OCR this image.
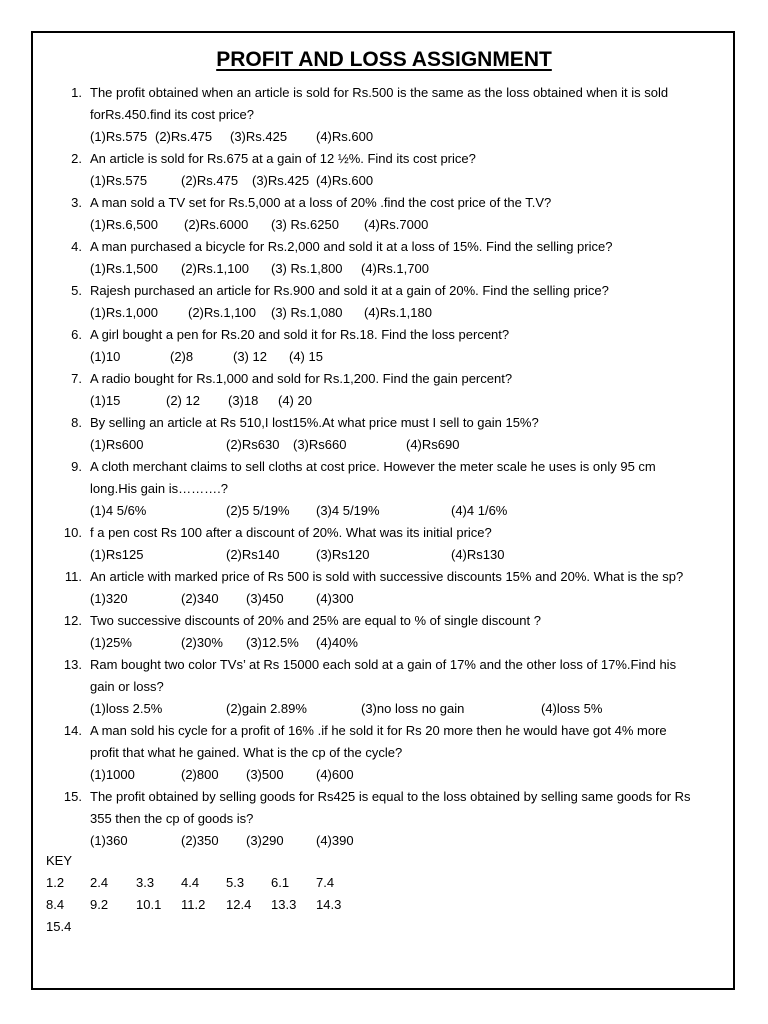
PROFIT AND LOSS ASSIGNMENT
1. The profit obtained when an article is sold for Rs.500 is the same as the loss obtained when it is sold
forRs.450.find its cost price?
(1)Rs.575 (2)Rs.475 (3)Rs.425 (4)Rs.600
2. An article is sold for Rs.675 at a gain of 12 ½%. Find its cost price?
(1)Rs.575	(2)Rs.475 (3)Rs.425 (4)Rs.600
3. A man sold a TV set for Rs.5,000 at a loss of 20% .find the cost price of the T.V?
(1)Rs.6,500 (2)Rs.6000 (3) Rs.6250 (4)Rs.7000
4. A man purchased a bicycle for Rs.2,000 and sold it at a loss of 15%. Find the selling price?
(1)Rs.1,500 (2)Rs.1,100 (3) Rs.1,800 (4)Rs.1,700
5. Rajesh purchased an article for Rs.900 and sold it at a gain of 20%. Find the selling price?
(1)Rs.1,000 (2)Rs.1,100 (3) Rs.1,080 (4)Rs.1,180
6. A girl bought a pen for Rs.20 and sold it for Rs.18. Find the loss percent?
(1)10	(2)8	(3) 12 (4) 15
7. A radio bought for Rs.1,000 and sold for Rs.1,200. Find the gain percent?
(1)15	(2) 12 (3)18 (4) 20
8. By selling an article at Rs 510,I lost15%.At what price must I sell to gain 15%?
(1)Rs600	(2)Rs630 (3)Rs660	(4)Rs690
9. A cloth merchant claims to sell cloths at cost price. However the meter scale he uses is only 95 cm
long.His gain is……….?
(1)4 5/6%	(2)5 5/19% (3)4 5/19%	(4)4 1/6%
10. f a pen cost Rs 100 after a discount of 20%. What was its initial price?
(1)Rs125	(2)Rs140	(3)Rs120	(4)Rs130
11. An article with marked price of Rs 500 is sold with successive discounts 15% and 20%. What is the sp?
(1)320	(2)340 (3)450 (4)300
12. Two successive discounts of 20% and 25% are equal to % of single discount ?
(1)25%	(2)30% (3)12.5% (4)40%
13. Ram bought two color TVs’ at Rs 15000 each sold at a gain of 17% and the other loss of 17%.Find his
gain or loss?
(1)loss 2.5%	(2)gain 2.89%	(3)no loss no gain	(4)loss 5%
14. A man sold his cycle for a profit of 16% .if he sold it for Rs 20 more then he would have got 4% more
profit that what he gained. What is the cp of the cycle?
(1)1000	(2)800 (3)500 (4)600
15. The profit obtained by selling goods for Rs425 is equal to the loss obtained by selling same goods for Rs
355 then the cp of goods is?
(1)360	(2)350 (3)290 (4)390
KEY
1.2 2.4 3.3 4.4 5.3 6.1 7.4
8.4 9.2 10.1 11.2 12.4 13.3 14.3
15.4
